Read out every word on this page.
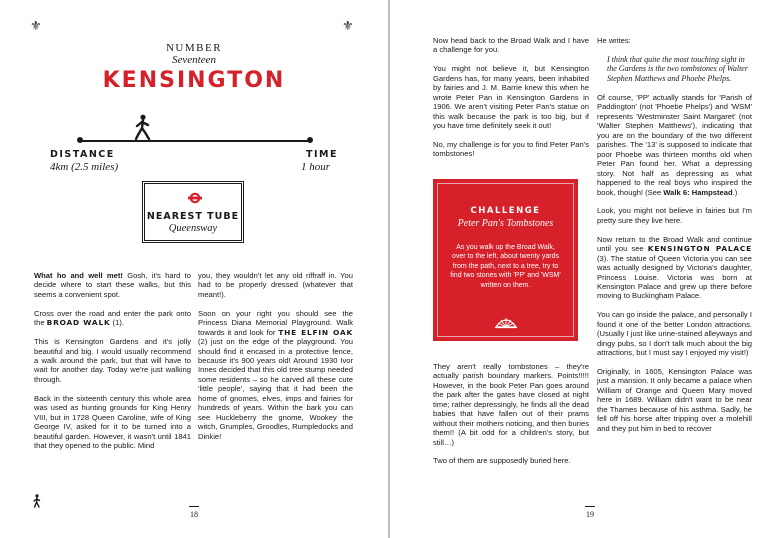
⚜	⚜
NUMBER
Seventeen
KENSINGTON
DISTANCE
4km (2.5 miles)
TIME
1 hour
NEAREST TUBE
Queensway

What ho and well met! Gosh, it's hard to decide where to start these walks, but this seems a convenient spot.

Cross over the road and enter the park onto the BROAD WALK (1).

This is Kensington Gardens and it's jolly beautiful and big. I would usually recommend a walk around the park, but that will have to wait for another day. Today we're just walking through.

Back in the sixteenth century this whole area was used as hunting grounds for King Henry VIII, but in 1728 Queen Caroline, wife of King George IV, asked for it to be turned into a beautiful garden. However, it wasn't until 1841 that they opened to the public. Mind

you, they wouldn't let any old riffraff in. You had to be properly dressed (whatever that meant!).

Soon on your right you should see the Princess Diana Memorial Playground. Walk towards it and look for THE ELFIN OAK (2) just on the edge of the playground. You should find it encased in a protective fence, because it's 900 years old! Around 1930 Ivor Innes decided that this old tree stump needed some residents – so he carved all these cute 'little people', saying that it had been the home of gnomes, elves, imps and fairies for hundreds of years. Within the bark you can see Huckleberry the gnome, Wookey the witch, Grumples, Groodles, Rumpledocks and Dinkie!

18

Now head back to the Broad Walk and I have a challenge for you.

You might not believe it, but Kensington Gardens has, for many years, been inhabited by fairies and J. M. Barrie knew this when he wrote Peter Pan in Kensington Gardens in 1906. We aren't visiting Peter Pan's statue on this walk because the park is too big, but if you have time definitely seek it out!

No, my challenge is for you to find Peter Pan's tombstones!

They aren't really tombstones – they're actually parish boundary markers. Points!!!!! However, in the book Peter Pan goes around the park after the gates have closed at night time; rather depressingly, he finds all the dead babies that have fallen out of their prams without their mothers noticing, and then buries them!! (A bit odd for a children's story, but still…)

Two of them are supposedly buried here.

He writes:

I think that quite the most touching sight in the Gardens is the two tombstones of Walter Stephen Matthews and Phoebe Phelps.

Of course, 'PP' actually stands for 'Parish of Paddington' (not 'Phoebe Phelps') and 'WSM' represents 'Westminster Saint Margaret' (not 'Walter Stephen Matthews'), indicating that you are on the boundary of the two different parishes. The '13' is supposed to indicate that poor Phoebe was thirteen months old when Peter Pan found her. What a depressing story. Not half as depressing as what happened to the real boys who inspired the book, though! (See Walk 6: Hampstead.)

Look, you might not believe in fairies but I'm pretty sure they live here.

Now return to the Broad Walk and continue until you see KENSINGTON PALACE (3). The statue of Queen Victoria you can see was actually designed by Victoria's daughter, Princess Louise. Victoria was born at Kensington Palace and grew up there before moving to Buckingham Palace.

You can go inside the palace, and personally I found it one of the better London attractions. (Usually I just like urine-stained alleyways and dingy pubs, so I don't talk much about the big attractions, but I must say I enjoyed my visit!)

Originally, in 1605, Kensington Palace was just a mansion. It only became a palace when William of Orange and Queen Mary moved here in 1689. William didn't want to be near the Thames because of his asthma. Sadly, he fell off his horse after tripping over a molehill and they put him in bed to recover

19
CHALLENGE
Peter Pan's Tombstones
As you walk up the Broad Walk, over to the left, about twenty yards from the path, next to a tree, try to find two stones with 'PP' and 'WSM' written on them.
